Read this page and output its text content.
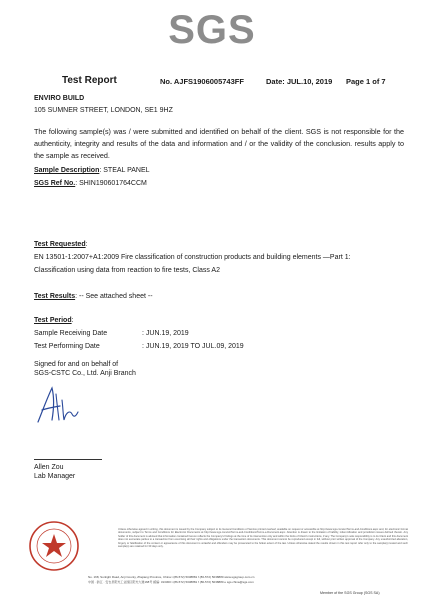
SGS
Test Report	No. AJFS1906005743FF	Date: JUL.10, 2019 Page 1 of 7
ENVIRO BUILD
105 SUMNER STREET, LONDON, SE1 9HZ
The following sample(s) was / were submitted and identified on behalf of the client. SGS is not responsible for the authenticity, integrity and results of the data and information and / or the validity of the conclusion. results apply to the sample as received.
Sample Description: STEAL PANEL
SGS Ref No.: SHIN190601764CCM
Test Requested:
EN 13501-1:2007+A1:2009 Fire classification of construction products and building elements —Part 1:
Classification using data from reaction to fire tests, Class A2
Test Results: -- See attached sheet --
Test Period:
Sample Receiving Date	: JUN.19, 2019
Test Performing Date	: JUN.19, 2019 TO JUL.09, 2019
Signed for and on behalf of
SGS-CSTC Co., Ltd. Anji Branch
Allen Zou
Lab Manager
Unless otherwise agreed in writing, this document is issued by the Company subject to its General Conditions of Service printed overleaf, available on request or accessible at http://www.sgs.com/en/Terms-and-Conditions.aspx and, for electronic format documents, subject to Terms and Conditions for Electronic Documents at http://www.sgs.com/en/Terms-and-Conditions/Terms-e-Document.aspx. Attention is drawn to the limitation of liability, indemnification and jurisdiction issues defined therein. Any holder of this document is advised that information contained hereon reflects the Company's findings at the time of its intervention only and within the limits of Client's instructions, if any. The Company's sole responsibility is to its Client and this document does not exonerate parties to a transaction from exercising all their rights and obligations under the transaction documents. This document cannot be reproduced except in full, without prior written approval of the Company. Any unauthorized alteration, forgery or falsification of the content or appearance of this document is unlawful and offenders may be prosecuted to the fullest extent of the law. Unless otherwise stated the results shown in this test report refer only to the sample(s) tested and such sample(s) are retained for 30 days only.
No. 168, Sunlight Road, Anji County, Zhejiang Province, China t (86-572) 5038881 f (86-572) 5038880 www.sgsgroup.com.cn
中国 · 浙江 · 安吉县阳光工业园区阳光大道168号 邮编: 313300 t (86-572) 5038881 f (86-572) 5038880 e sgs.china@sgs.com
Member of the SGS Group (SGS SA)
